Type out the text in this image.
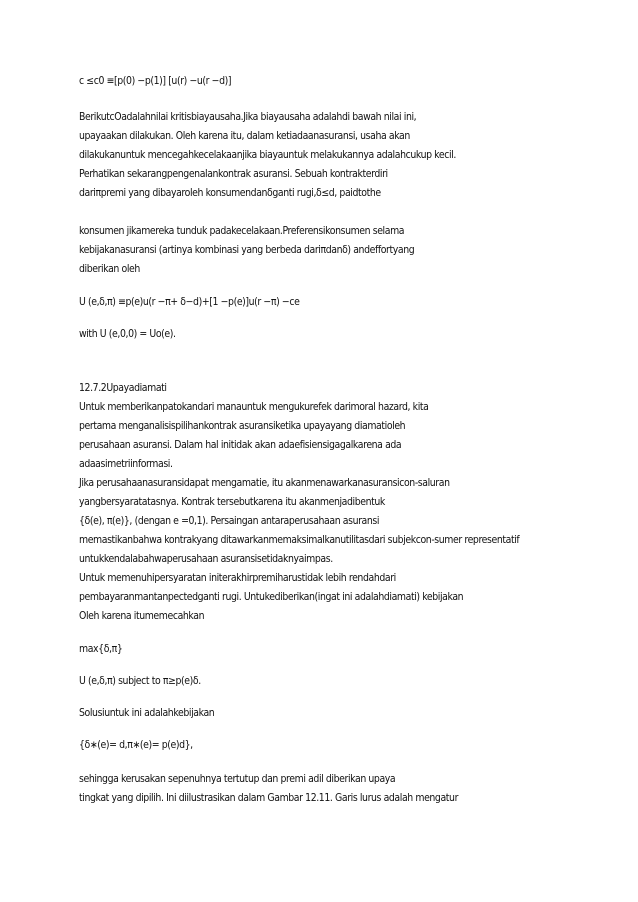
c ≤c0 ≡[p(0) −p(1)] [u(r) −u(r −d)]
BerikutcOadalahnilai kritisbiayausaha.Jika biayausaha adalahdi bawah nilai ini,
upayaakan dilakukan. Oleh karena itu, dalam ketiadaanasuransi, usaha akan
dilakukanuntuk mencegahkecelakaanjika biayauntuk melakukannya adalahcukup kecil.
Perhatikan sekarangpengenalankontrak asuransi. Sebuah kontrakterdiri
dariπpremi yang dibayaroleh konsumendanδganti rugi,δ≤d, paidtothe
konsumen jikamereka tunduk padakecelakaan.Preferensikonsumen selama
kebijakanasuransi (artinya kombinasi yang berbeda dariπdanδ) andeffortyang
diberikan oleh
U (e,δ,π) ≡p(e)u(r −π+ δ−d)+[1 −p(e)]u(r −π) −ce
with U (e,0,0) = Uo(e).
12.7.2Upayadiamati
Untuk memberikanpatokandari manauntuk mengukurefek darimoral hazard, kita
pertama menganalisispilihankontrak asuransiketika upayayang diamatioleh
perusahaan asuransi. Dalam hal initidak akan adaefisiensigagalkarena ada
adaasimetriinformasi.
Jika perusahaanasuransidapat mengamatie, itu akanmenawarkanasuransicon-saluran
yangbersyaratatasnya. Kontrak tersebutkarena itu akanmenjadibentuk
{δ(e), π(e)}, (dengan e =0,1). Persaingan antaraperusahaan asuransi
memastikanbahwa kontrakyang ditawarkanmemaksimalkanutilitasdari subjekcon-sumer representatif
untukkendalabahwaperusahaan asuransisetidaknyaimpas.
Untuk memenuhipersyaratan initerakhirpremiharustidak lebih rendahdari
pembayaranmantanpectedganti rugi. Untukediberikan(ingat ini adalahdiamati) kebijakan
Oleh karena itumemecahkan
max{δ,π}
U (e,δ,π) subject to π≥p(e)δ.
Solusiuntuk ini adalahkebijakan
{δ∗(e)= d,π∗(e)= p(e)d},
sehingga kerusakan sepenuhnya tertutup dan premi adil diberikan upaya
tingkat yang dipilih. Ini diilustrasikan dalam Gambar 12.11. Garis lurus adalah mengatur
